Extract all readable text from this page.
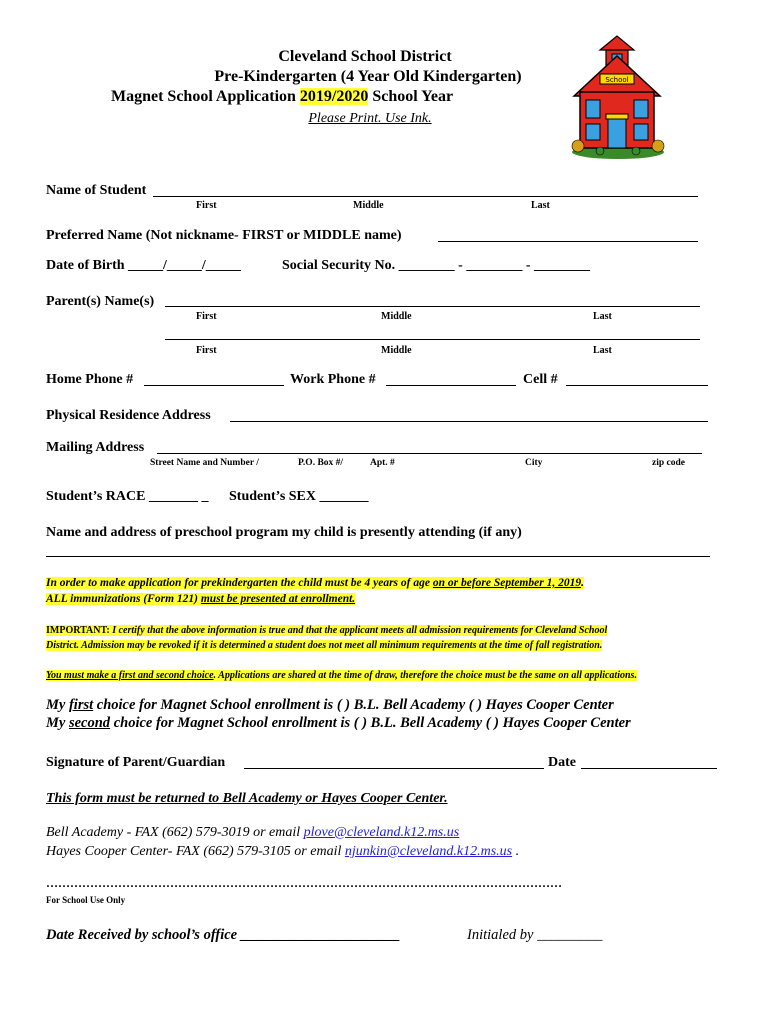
Cleveland School District
Pre-Kindergarten (4 Year Old Kindergarten)
Magnet School Application 2019/2020 School Year
Please Print. Use Ink.
School
Name of Student
First	Middle	Last
Preferred Name (Not nickname- FIRST or MIDDLE name)
Date of Birth _____/_____/_____	Social Security No. ________ - ________ - ________
Parent(s) Name(s)
First	Middle	Last
First	Middle	Last
Home Phone #	Work Phone #	Cell #
Physical Residence Address
Mailing Address
Street Name and Number /	P.O. Box #/	Apt. #	City	zip code
Student’s RACE _______ _ Student’s SEX _______
Name and address of preschool program my child is presently attending (if any)
In order to make application for prekindergarten the child must be 4 years of age on or before September 1, 2019.
ALL immunizations (Form 121) must be presented at enrollment.
IMPORTANT: I certify that the above information is true and that the applicant meets all admission requirements for Cleveland School
District. Admission may be revoked if it is determined a student does not meet all minimum requirements at the time of fall registration.
You must make a first and second choice. Applications are shared at the time of draw, therefore the choice must be the same on all applications.
My first choice for Magnet School enrollment is ( ) B.L. Bell Academy ( ) Hayes Cooper Center
My second choice for Magnet School enrollment is ( ) B.L. Bell Academy ( ) Hayes Cooper Center
Signature of Parent/Guardian	Date
This form must be returned to Bell Academy or Hayes Cooper Center.
Bell Academy - FAX (662) 579-3019 or email plove@cleveland.k12.ms.us
Hayes Cooper Center- FAX (662) 579-3105 or email njunkin@cleveland.k12.ms.us .
…………………………………………………………………………………………………………………
For School Use Only
Date Received by school’s office ______________________	Initialed by _________
